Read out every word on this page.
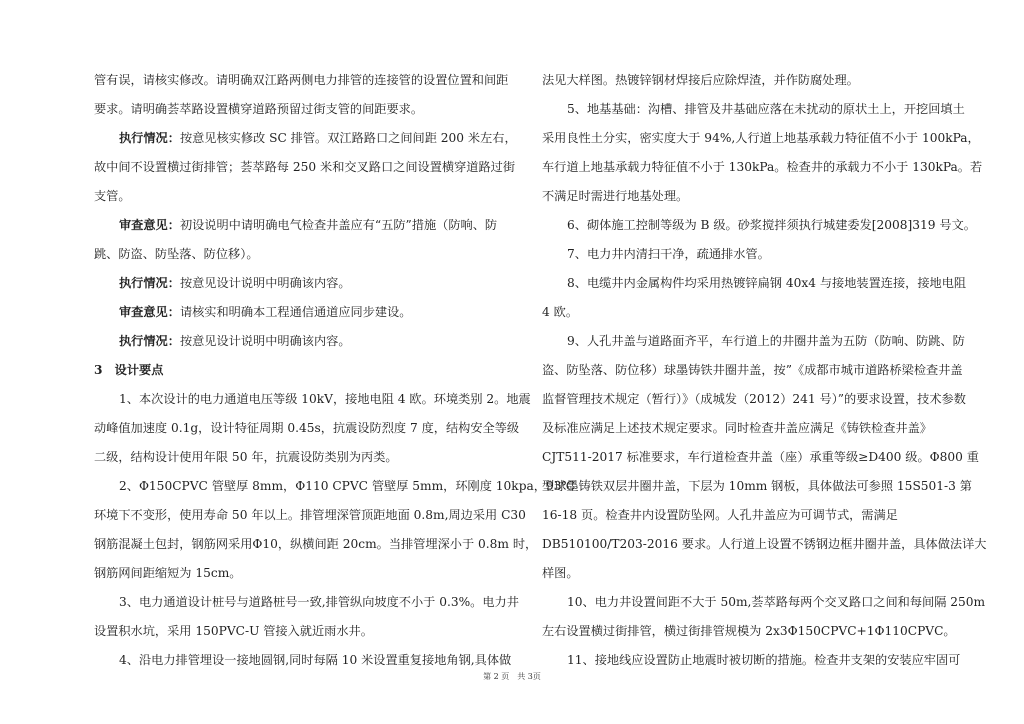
管有误，请核实修改。请明确双江路两侧电力排管的连接管的设置位置和间距
要求。请明确荟萃路设置横穿道路预留过街支管的间距要求。
执行情况：按意见核实修改 SC 排管。双江路路口之间间距 200 米左右，
故中间不设置横过街排管；荟萃路每 250 米和交叉路口之间设置横穿道路过街
支管。
审查意见：初设说明中请明确电气检查井盖应有“五防”措施（防响、防
跳、防盗、防坠落、防位移）。
执行情况：按意见设计说明中明确该内容。
审查意见：请核实和明确本工程通信通道应同步建设。
执行情况：按意见设计说明中明确该内容。
3　设计要点
1、本次设计的电力通道电压等级 10kV，接地电阻 4 欧。环境类别 2。地震
动峰值加速度 0.1g，设计特征周期 0.45s，抗震设防烈度 7 度，结构安全等级
二级，结构设计使用年限 50 年，抗震设防类别为丙类。
2、Φ150CPVC 管壁厚 8mm，Φ110 CPVC 管壁厚 5mm，环刚度 10kpa，93℃
环境下不变形，使用寿命 50 年以上。排管埋深管顶距地面 0.8m,周边采用 C30
钢筋混凝土包封，钢筋网采用Φ10，纵横间距 20cm。当排管埋深小于 0.8m 时，
钢筋网间距缩短为 15cm。
3、电力通道设计桩号与道路桩号一致,排管纵向坡度不小于 0.3%。电力井
设置积水坑，采用 150PVC-U 管接入就近雨水井。
4、沿电力排管埋设一接地圆钢,同时每隔 10 米设置重复接地角钢,具体做
法见大样图。热镀锌钢材焊接后应除焊渣，并作防腐处理。
5、地基基础：沟槽、排管及井基础应落在未扰动的原状土上，开挖回填土
采用良性土分实，密实度大于 94%,人行道上地基承载力特征值不小于 100kPa，
车行道上地基承载力特征值不小于 130kPa。检查井的承载力不小于 130kPa。若
不满足时需进行地基处理。
6、砌体施工控制等级为 B 级。砂浆搅拌须执行城建委发[2008]319 号文。
7、电力井内清扫干净，疏通排水管。
8、电缆井内金属构件均采用热镀锌扁钢 40x4 与接地装置连接，接地电阻
4 欧。
9、人孔井盖与道路面齐平，车行道上的井圈井盖为五防（防响、防跳、防
盗、防坠落、防位移）球墨铸铁井圈井盖，按”《成都市城市道路桥梁检查井盖
监督管理技术规定（暂行）》（成城发（2012）241 号）”的要求设置，技术参数
及标准应满足上述技术规定要求。同时检查井盖应满足《铸铁检查井盖》
CJT511-2017 标准要求，车行道检查井盖（座）承重等级≥D400 级。Φ800 重
型球墨铸铁双层井圈井盖，下层为 10mm 钢板，具体做法可参照 15S501-3 第
16-18 页。检查井内设置防坠网。人孔井盖应为可调节式，需满足
DB510100/T203-2016 要求。人行道上设置不锈钢边框井圈井盖，具体做法详大
样图。
10、电力井设置间距不大于 50m,荟萃路每两个交叉路口之间和每间隔 250m
左右设置横过街排管，横过街排管规模为 2x3Φ150CPVC+1Φ110CPVC。
11、接地线应设置防止地震时被切断的措施。检查井支架的安装应牢固可
第 2 页　共 3页
